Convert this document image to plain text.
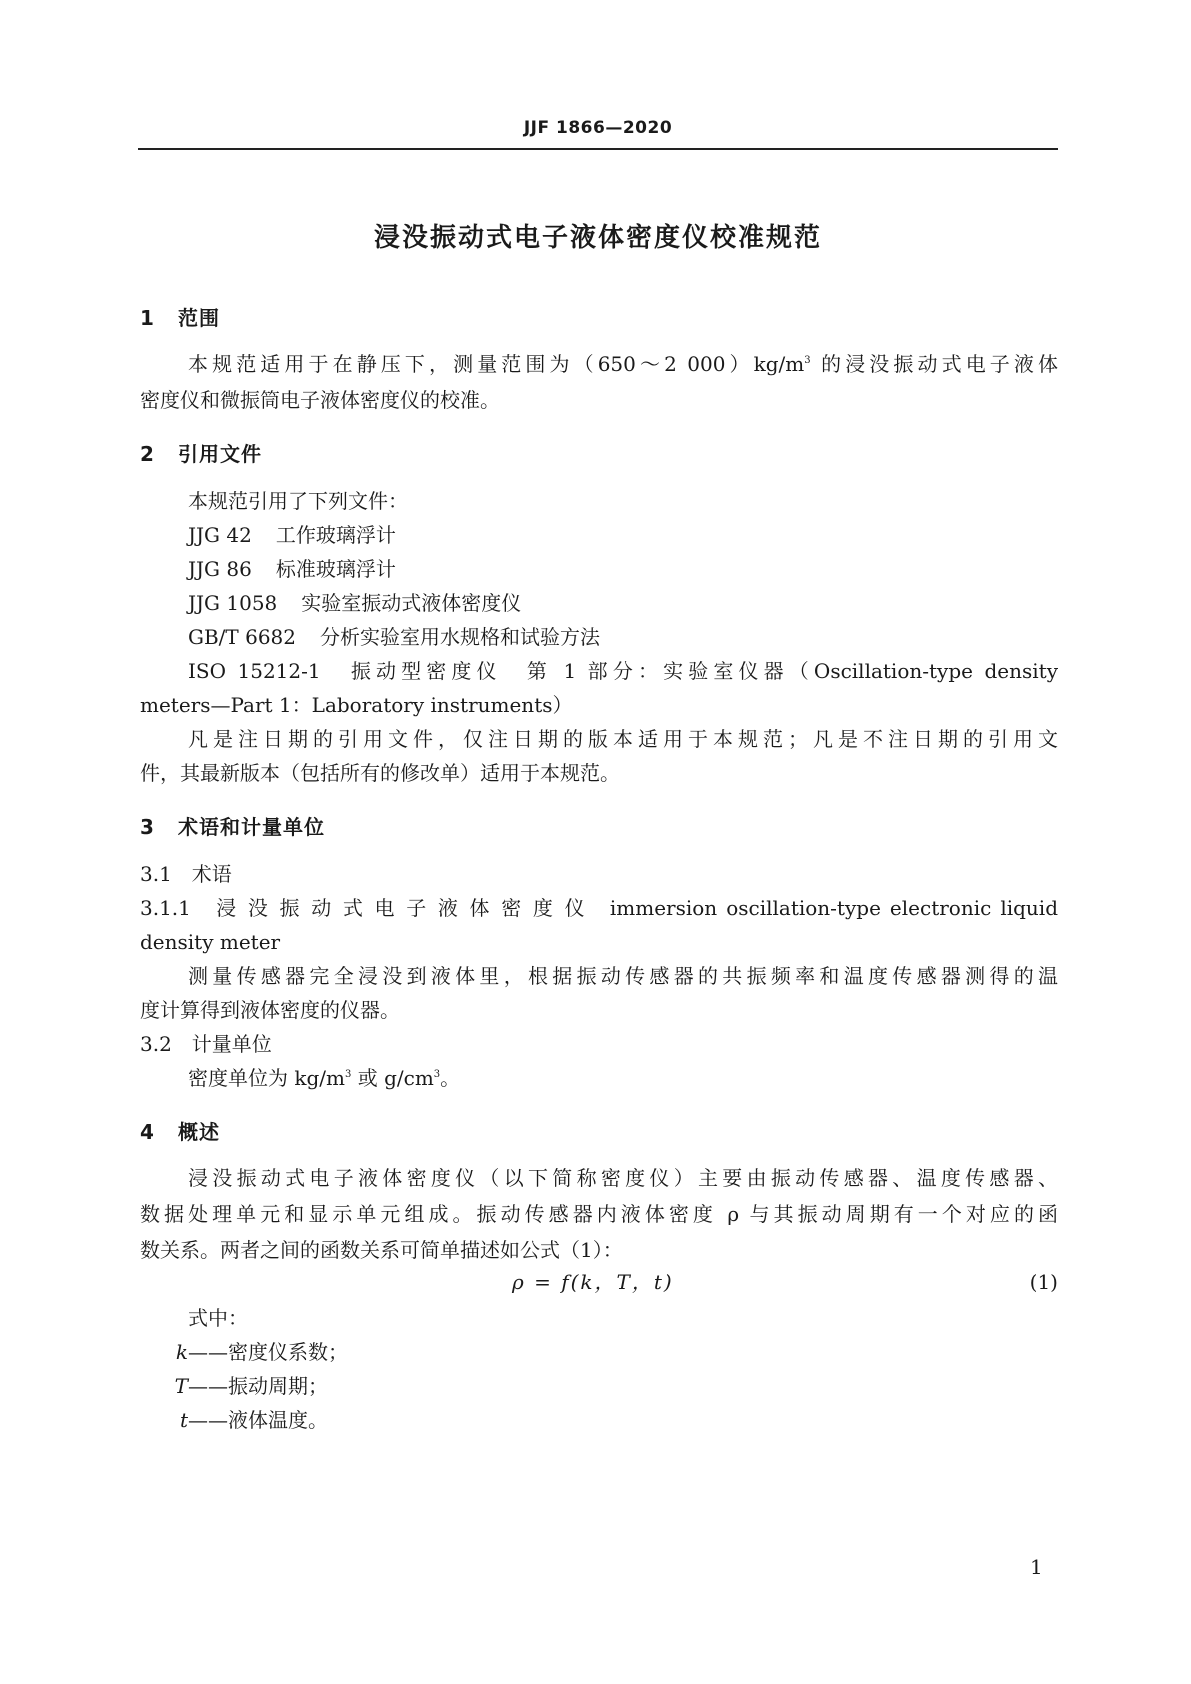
JJF 1866—2020
浸没振动式电子液体密度仪校准规范
1 范围
本规范适用于在静压下，测量范围为（650～2 $000)kg/m^3$ 的浸没振动式电子液体
密度仪和微振筒电子液体密度仪的校准。
2 引用文件
本规范引用了下列文件：
JJG 42 工作玻璃浮计
JJG 86 标准玻璃浮计
JJG 1058 实验室振动式液体密度仪
GB/T 6682 分析实验室用水规格和试验方法
ISO 15212-1　振动型密度仪　第 1 部分：实验室仪器（Oscillation-type density
meters—Part 1：Laboratory instruments）
凡是注日期的引用文件，仅注日期的版本适用于本规范；凡是不注日期的引用文
件，其最新版本（包括所有的修改单）适用于本规范。
3 术语和计量单位
3.1　术语
3.1.1　浸 没 振 动 式 电 子 液 体 密 度 仪　immersion oscillation-type electronic liquid
density meter
测量传感器完全浸没到液体里，根据振动传感器的共振频率和温度传感器测得的温
度计算得到液体密度的仪器。
3.2　计量单位
密度单位为 $kg/m^3$ 或 $g/cm^3$。
4 概述
浸没振动式电子液体密度仪（以下简称密度仪）主要由振动传感器、温度传感器、
数据处理单元和显示单元组成。振动传感器内液体密度 ρ 与其振动周期有一个对应的函
数关系。两者之间的函数关系可简单描述如公式（1）：
ρ = f(k，T，t)	(1)
式中：
k——密度仪系数；
T——振动周期；
t——液体温度。
1
